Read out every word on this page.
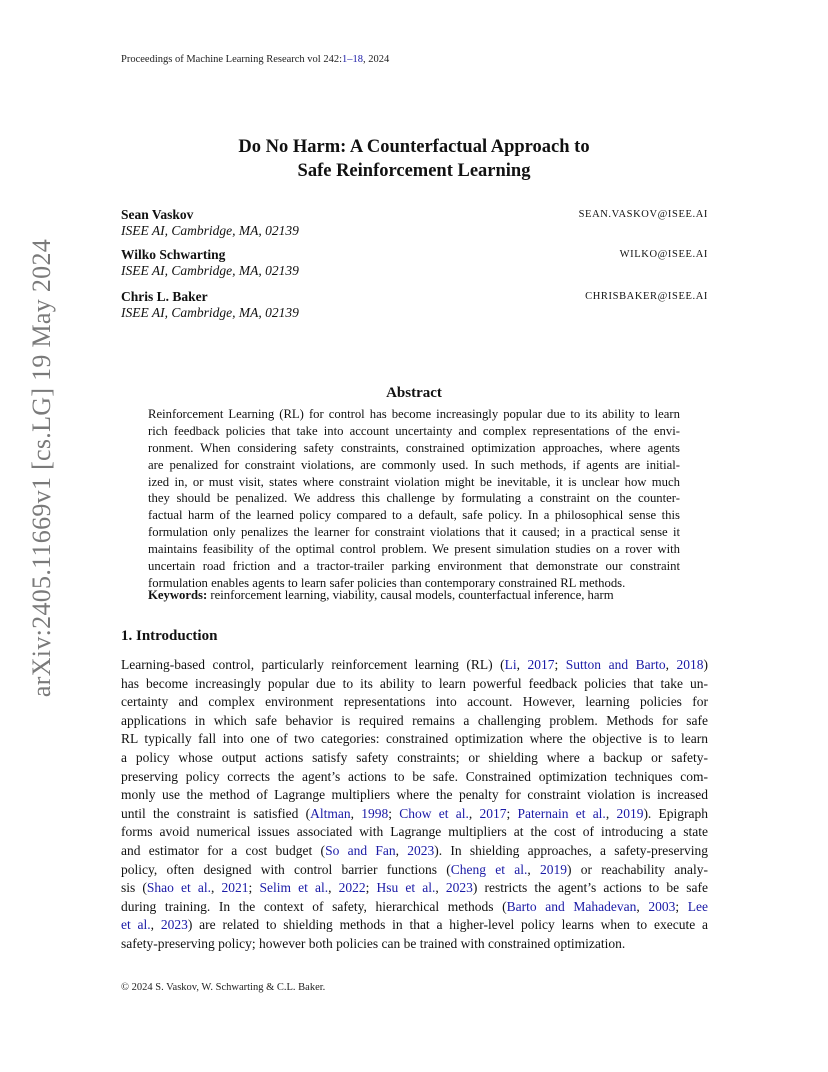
Proceedings of Machine Learning Research vol 242:1–18, 2024
arXiv:2405.11669v1 [cs.LG] 19 May 2024
Do No Harm: A Counterfactual Approach to
Safe Reinforcement Learning
Sean Vaskov
ISEE AI, Cambridge, MA, 02139
SEAN.VASKOV@ISEE.AI
Wilko Schwarting
ISEE AI, Cambridge, MA, 02139
WILKO@ISEE.AI
Chris L. Baker
ISEE AI, Cambridge, MA, 02139
CHRISBAKER@ISEE.AI
Abstract
Reinforcement Learning (RL) for control has become increasingly popular due to its ability to learn
rich feedback policies that take into account uncertainty and complex representations of the envi-
ronment. When considering safety constraints, constrained optimization approaches, where agents
are penalized for constraint violations, are commonly used. In such methods, if agents are initial-
ized in, or must visit, states where constraint violation might be inevitable, it is unclear how much
they should be penalized. We address this challenge by formulating a constraint on the counter-
factual harm of the learned policy compared to a default, safe policy. In a philosophical sense this
formulation only penalizes the learner for constraint violations that it caused; in a practical sense it
maintains feasibility of the optimal control problem. We present simulation studies on a rover with
uncertain road friction and a tractor-trailer parking environment that demonstrate our constraint
formulation enables agents to learn safer policies than contemporary constrained RL methods.
Keywords: reinforcement learning, viability, causal models, counterfactual inference, harm
1. Introduction
Learning-based control, particularly reinforcement learning (RL) (Li, 2017; Sutton and Barto, 2018)
has become increasingly popular due to its ability to learn powerful feedback policies that take un-
certainty and complex environment representations into account. However, learning policies for
applications in which safe behavior is required remains a challenging problem. Methods for safe
RL typically fall into one of two categories: constrained optimization where the objective is to learn
a policy whose output actions satisfy safety constraints; or shielding where a backup or safety-
preserving policy corrects the agent’s actions to be safe. Constrained optimization techniques com-
monly use the method of Lagrange multipliers where the penalty for constraint violation is increased
until the constraint is satisfied (Altman, 1998; Chow et al., 2017; Paternain et al., 2019). Epigraph
forms avoid numerical issues associated with Lagrange multipliers at the cost of introducing a state
and estimator for a cost budget (So and Fan, 2023). In shielding approaches, a safety-preserving
policy, often designed with control barrier functions (Cheng et al., 2019) or reachability analy-
sis (Shao et al., 2021; Selim et al., 2022; Hsu et al., 2023) restricts the agent’s actions to be safe
during training. In the context of safety, hierarchical methods (Barto and Mahadevan, 2003; Lee
et al., 2023) are related to shielding methods in that a higher-level policy learns when to execute a
safety-preserving policy; however both policies can be trained with constrained optimization.
© 2024 S. Vaskov, W. Schwarting & C.L. Baker.
